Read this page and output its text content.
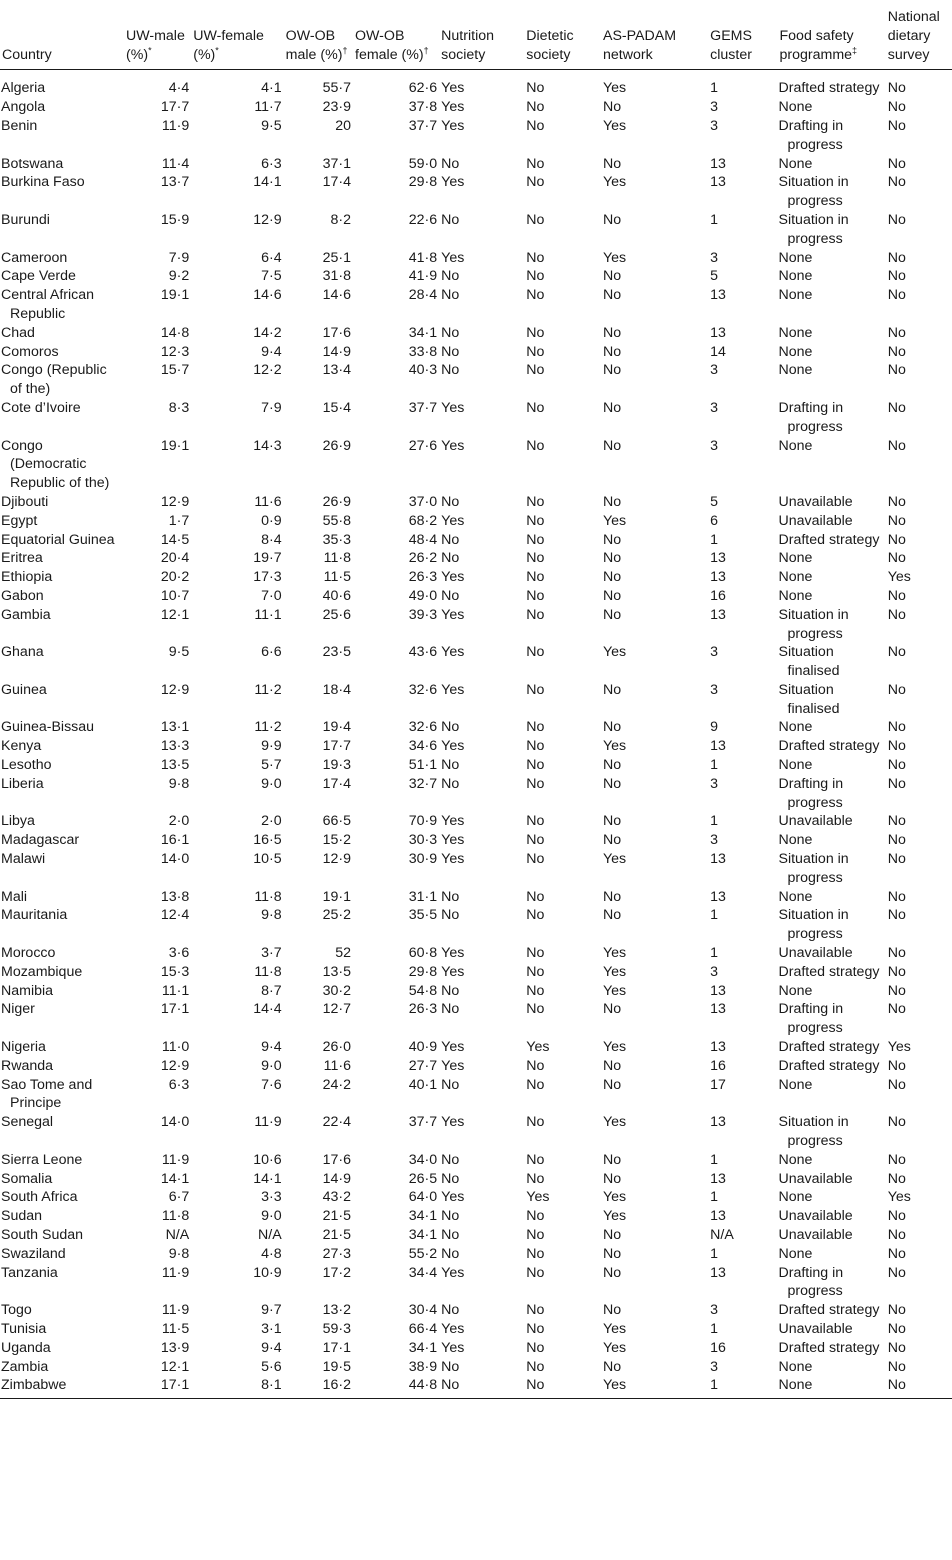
Country	UW-male (%)*	UW-female (%)*	OW-OB male (%)†	OW-OB female (%)†	Nutrition society	Dietetic society	AS-PADAM network	GEMS cluster	Food safety programme‡	National dietary survey
Algeria	4·4	4·1	55·7	62·6	Yes	No	Yes	1	Drafted strategy	No
Angola	17·7	11·7	23·9	37·8	Yes	No	No	3	None	No
Benin	11·9	9·5	20	37·7	Yes	No	Yes	3	Drafting in progress	No
Botswana	11·4	6·3	37·1	59·0	No	No	No	13	None	No
Burkina Faso	13·7	14·1	17·4	29·8	Yes	No	Yes	13	Situation in progress	No
Burundi	15·9	12·9	8·2	22·6	No	No	No	1	Situation in progress	No
Cameroon	7·9	6·4	25·1	41·8	Yes	No	Yes	3	None	No
Cape Verde	9·2	7·5	31·8	41·9	No	No	No	5	None	No
Central African Republic	19·1	14·6	14·6	28·4	No	No	No	13	None	No
Chad	14·8	14·2	17·6	34·1	No	No	No	13	None	No
Comoros	12·3	9·4	14·9	33·8	No	No	No	14	None	No
Congo (Republic of the)	15·7	12·2	13·4	40·3	No	No	No	3	None	No
Cote d’Ivoire	8·3	7·9	15·4	37·7	Yes	No	No	3	Drafting in progress	No
Congo (Democratic Republic of the)	19·1	14·3	26·9	27·6	Yes	No	No	3	None	No
Djibouti	12·9	11·6	26·9	37·0	No	No	No	5	Unavailable	No
Egypt	1·7	0·9	55·8	68·2	Yes	No	Yes	6	Unavailable	No
Equatorial Guinea	14·5	8·4	35·3	48·4	No	No	No	1	Drafted strategy	No
Eritrea	20·4	19·7	11·8	26·2	No	No	No	13	None	No
Ethiopia	20·2	17·3	11·5	26·3	Yes	No	No	13	None	Yes
Gabon	10·7	7·0	40·6	49·0	No	No	No	16	None	No
Gambia	12·1	11·1	25·6	39·3	Yes	No	No	13	Situation in progress	No
Ghana	9·5	6·6	23·5	43·6	Yes	No	Yes	3	Situation finalised	No
Guinea	12·9	11·2	18·4	32·6	Yes	No	No	3	Situation finalised	No
Guinea-Bissau	13·1	11·2	19·4	32·6	No	No	No	9	None	No
Kenya	13·3	9·9	17·7	34·6	Yes	No	Yes	13	Drafted strategy	No
Lesotho	13·5	5·7	19·3	51·1	No	No	No	1	None	No
Liberia	9·8	9·0	17·4	32·7	No	No	No	3	Drafting in progress	No
Libya	2·0	2·0	66·5	70·9	Yes	No	No	1	Unavailable	No
Madagascar	16·1	16·5	15·2	30·3	Yes	No	No	3	None	No
Malawi	14·0	10·5	12·9	30·9	Yes	No	Yes	13	Situation in progress	No
Mali	13·8	11·8	19·1	31·1	No	No	No	13	None	No
Mauritania	12·4	9·8	25·2	35·5	No	No	No	1	Situation in progress	No
Morocco	3·6	3·7	52	60·8	Yes	No	Yes	1	Unavailable	No
Mozambique	15·3	11·8	13·5	29·8	Yes	No	Yes	3	Drafted strategy	No
Namibia	11·1	8·7	30·2	54·8	No	No	Yes	13	None	No
Niger	17·1	14·4	12·7	26·3	No	No	No	13	Drafting in progress	No
Nigeria	11·0	9·4	26·0	40·9	Yes	Yes	Yes	13	Drafted strategy	Yes
Rwanda	12·9	9·0	11·6	27·7	Yes	No	No	16	Drafted strategy	No
Sao Tome and Principe	6·3	7·6	24·2	40·1	No	No	No	17	None	No
Senegal	14·0	11·9	22·4	37·7	Yes	No	Yes	13	Situation in progress	No
Sierra Leone	11·9	10·6	17·6	34·0	No	No	No	1	None	No
Somalia	14·1	14·1	14·9	26·5	No	No	No	13	Unavailable	No
South Africa	6·7	3·3	43·2	64·0	Yes	Yes	Yes	1	None	Yes
Sudan	11·8	9·0	21·5	34·1	No	No	Yes	13	Unavailable	No
South Sudan	N/A	N/A	21·5	34·1	No	No	No	N/A	Unavailable	No
Swaziland	9·8	4·8	27·3	55·2	No	No	No	1	None	No
Tanzania	11·9	10·9	17·2	34·4	Yes	No	No	13	Drafting in progress	No
Togo	11·9	9·7	13·2	30·4	No	No	No	3	Drafted strategy	No
Tunisia	11·5	3·1	59·3	66·4	Yes	No	Yes	1	Unavailable	No
Uganda	13·9	9·4	17·1	34·1	Yes	No	Yes	16	Drafted strategy	No
Zambia	12·1	5·6	19·5	38·9	No	No	No	3	None	No
Zimbabwe	17·1	8·1	16·2	44·8	No	No	Yes	1	None	No
